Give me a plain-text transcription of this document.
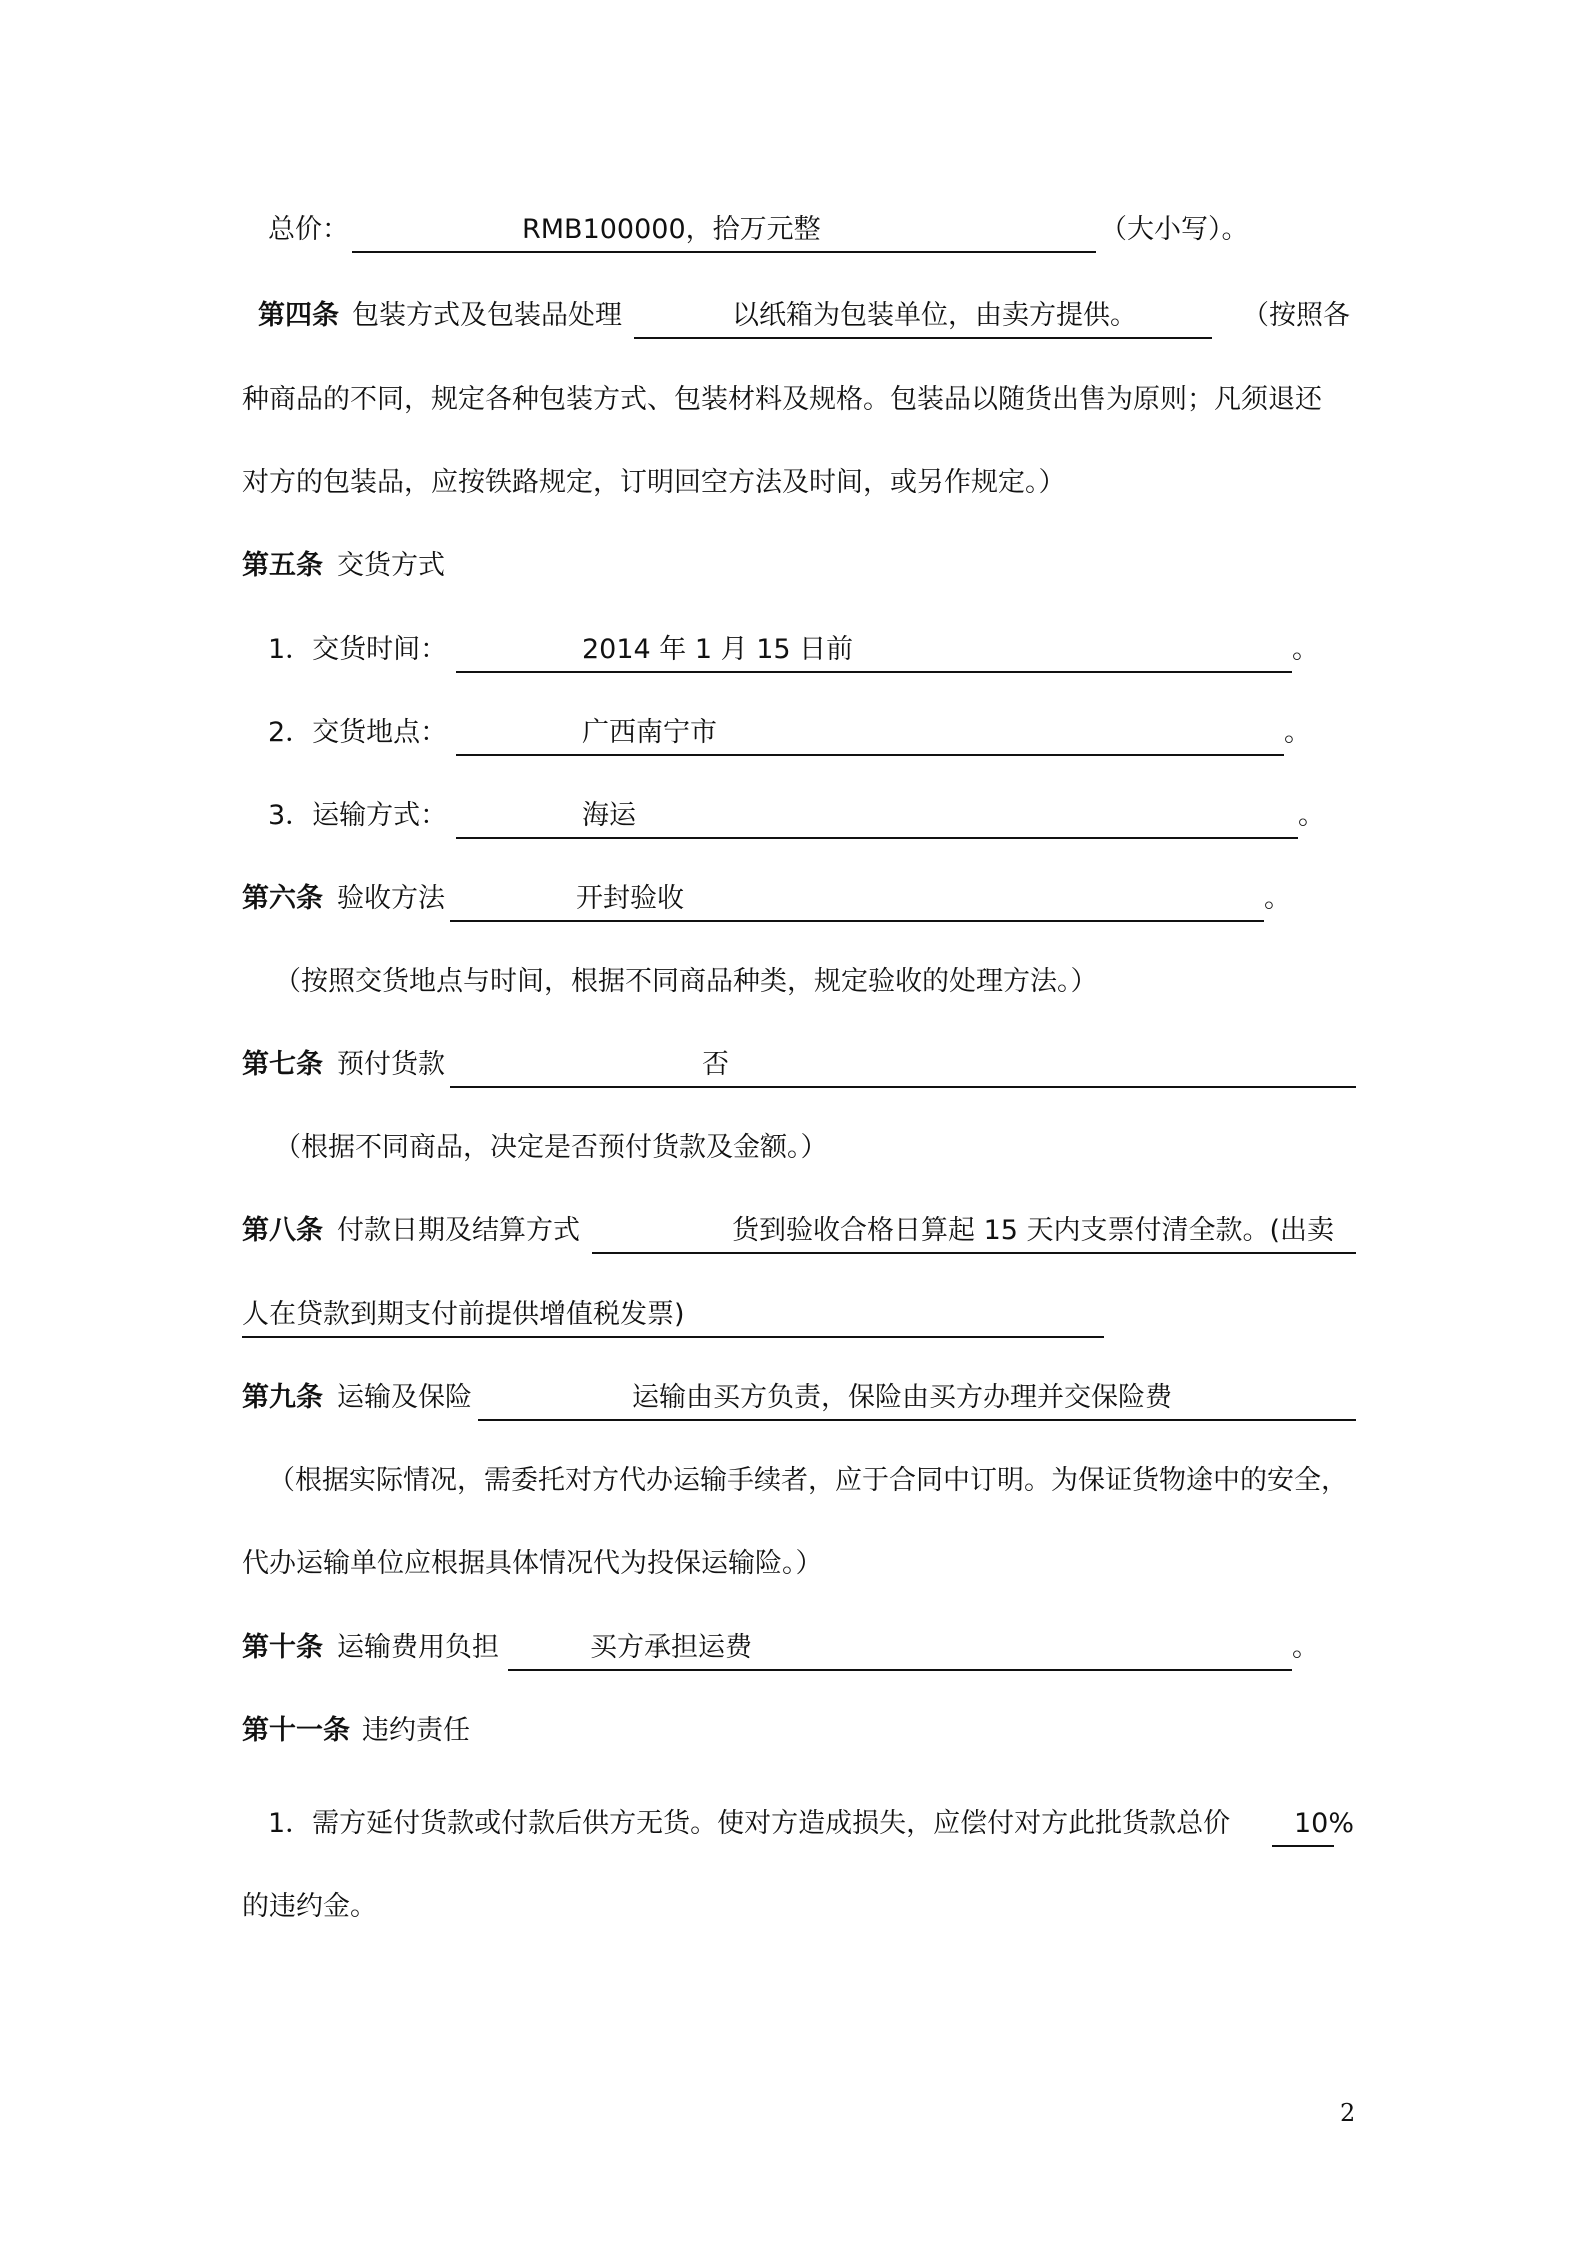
总价：	RMB100000，拾万元整	（大小写）。
第四条 包装方式及包装品处理	以纸箱为包装单位，由卖方提供。	（按照各
种商品的不同，规定各种包装方式、包装材料及规格。包装品以随货出售为原则；凡须退还
对方的包装品，应按铁路规定，订明回空方法及时间，或另作规定。）
第五条 交货方式
1．交货时间：	2014 年 1 月 15 日前	。
2．交货地点：	广西南宁市	。
3．运输方式：	海运	。
第六条 验收方法	开封验收	。
（按照交货地点与时间，根据不同商品种类，规定验收的处理方法。）
第七条 预付货款	否
（根据不同商品，决定是否预付货款及金额。）
第八条 付款日期及结算方式	货到验收合格日算起 15 天内支票付清全款。(出卖
人在贷款到期支付前提供增值税发票)
第九条 运输及保险	运输由买方负责，保险由买方办理并交保险费
（根据实际情况，需委托对方代办运输手续者，应于合同中订明。为保证货物途中的安全，
代办运输单位应根据具体情况代为投保运输险。）
第十条 运输费用负担	买方承担运费	。
第十一条 违约责任
1．需方延付货款或付款后供方无货。使对方造成损失，应偿付对方此批货款总价 10%
的违约金。
2
